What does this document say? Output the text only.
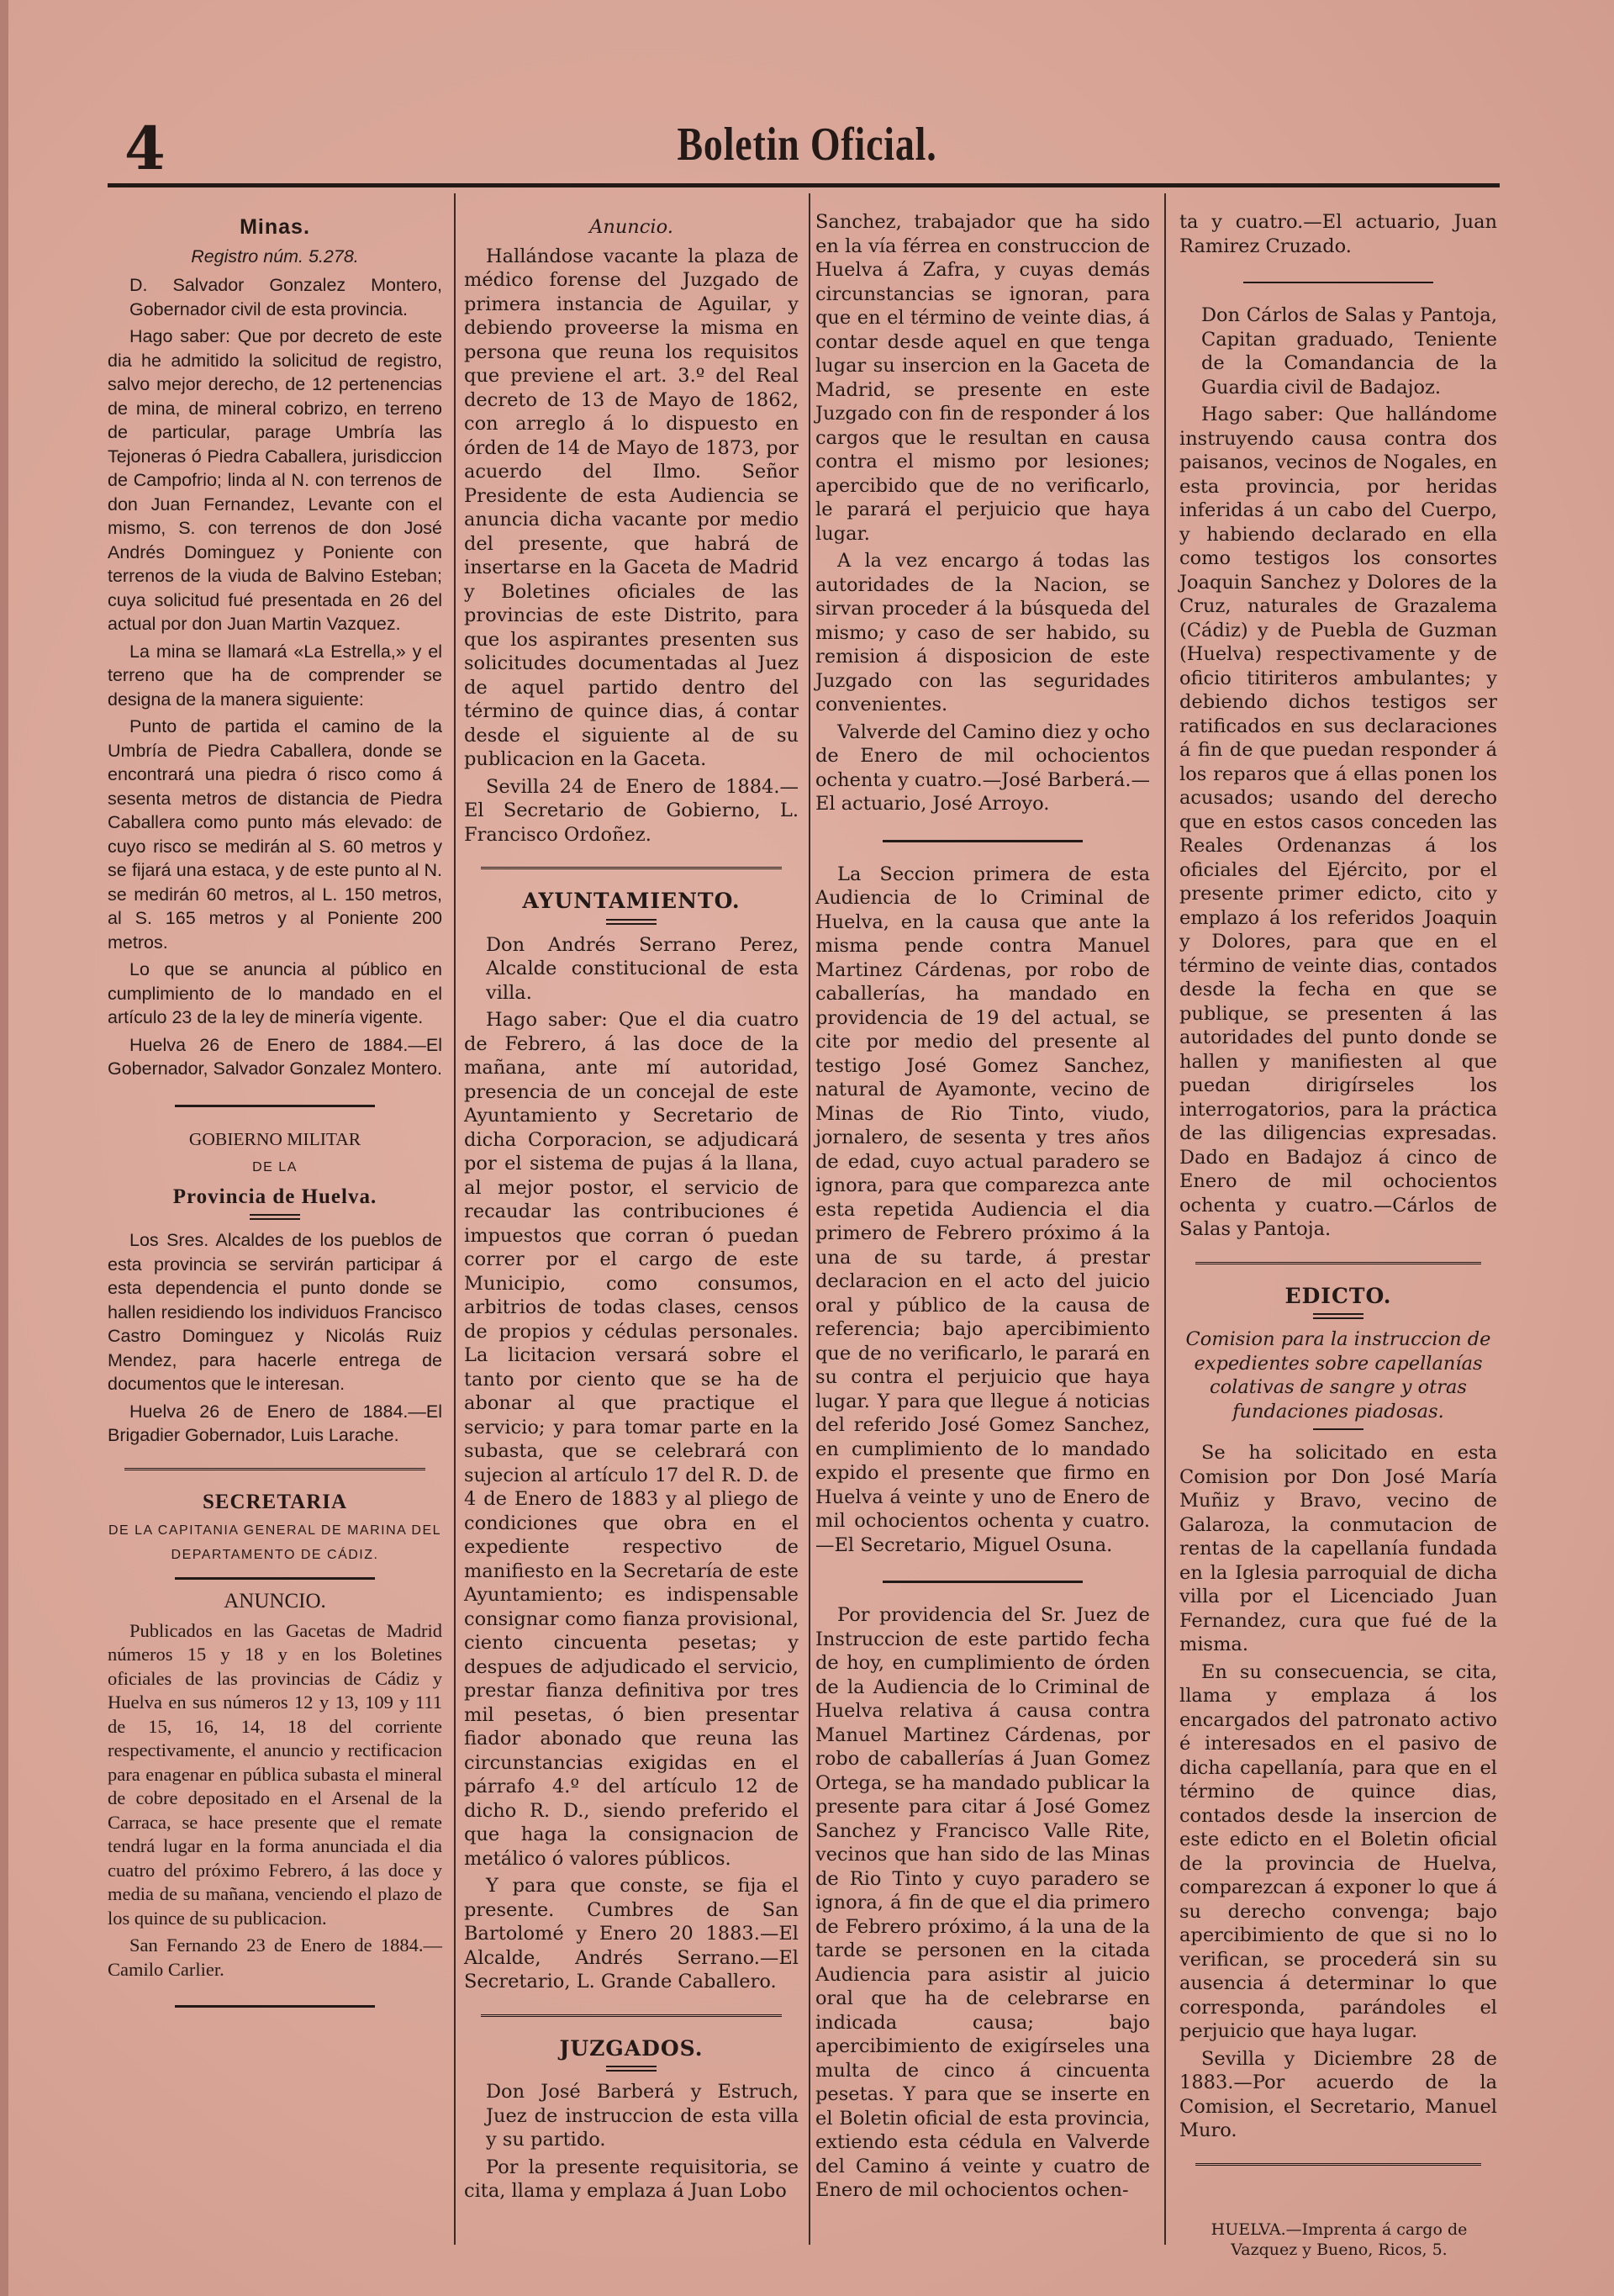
4	Boletin Oficial.

Minas.

Registro núm. 5.278.

D. Salvador Gonzalez Montero, Gobernador civil de esta provincia.

Hago saber: Que por decreto de este dia he admitido la solicitud de registro, salvo mejor derecho, de 12 pertenencias de mina, de mineral cobrizo, en terreno de particular, parage Umbría las Tejoneras ó Piedra Caballera, jurisdiccion de Campofrio; linda al N. con terrenos de don Juan Fernandez, Levante con el mismo, S. con terrenos de don José Andrés Dominguez y Poniente con terrenos de la viuda de Balvino Esteban; cuya solicitud fué presentada en 26 del actual por don Juan Martin Vazquez.

La mina se llamará «La Estrella,» y el terreno que ha de comprender se designa de la manera siguiente:

Punto de partida el camino de la Umbría de Piedra Caballera, donde se encontrará una piedra ó risco como á sesenta metros de distancia de Piedra Caballera como punto más elevado: de cuyo risco se medirán al S. 60 metros y se fijará una estaca, y de este punto al N. se medirán 60 metros, al L. 150 metros, al S. 165 metros y al Poniente 200 metros.

Lo que se anuncia al público en cumplimiento de lo mandado en el artículo 23 de la ley de minería vigente.

Huelva 26 de Enero de 1884.—El Gobernador, Salvador Gonzalez Montero.

GOBIERNO MILITAR

DE LA

Provincia de Huelva.

Los Sres. Alcaldes de los pueblos de esta provincia se servirán participar á esta dependencia el punto donde se hallen residiendo los individuos Francisco Castro Dominguez y Nicolás Ruiz Mendez, para hacerle entrega de documentos que le interesan.

Huelva 26 de Enero de 1884.—El Brigadier Gobernador, Luis Larache.

SECRETARIA

DE LA CAPITANIA GENERAL DE MARINA DEL DEPARTAMENTO DE CÁDIZ.

ANUNCIO.

Publicados en las Gacetas de Madrid números 15 y 18 y en los Boletines oficiales de las provincias de Cádiz y Huelva en sus números 12 y 13, 109 y 111 de 15, 16, 14, 18 del corriente respectivamente, el anuncio y rectificacion para enagenar en pública subasta el mineral de cobre depositado en el Arsenal de la Carraca, se hace presente que el remate tendrá lugar en la forma anunciada el dia cuatro del próximo Febrero, á las doce y media de su mañana, venciendo el plazo de los quince de su publicacion.

San Fernando 23 de Enero de 1884.—Camilo Carlier.

Anuncio.

Hallándose vacante la plaza de médico forense del Juzgado de primera instancia de Aguilar, y debiendo proveerse la misma en persona que reuna los requisitos que previene el art. 3.º del Real decreto de 13 de Mayo de 1862, con arreglo á lo dispuesto en órden de 14 de Mayo de 1873, por acuerdo del Ilmo. Señor Presidente de esta Audiencia se anuncia dicha vacante por medio del presente, que habrá de insertarse en la Gaceta de Madrid y Boletines oficiales de las provincias de este Distrito, para que los aspirantes presenten sus solicitudes documentadas al Juez de aquel partido dentro del término de quince dias, á contar desde el siguiente al de su publicacion en la Gaceta.

Sevilla 24 de Enero de 1884.—El Secretario de Gobierno, L. Francisco Ordoñez.

AYUNTAMIENTO.

Don Andrés Serrano Perez, Alcalde constitucional de esta villa.

Hago saber: Que el dia cuatro de Febrero, á las doce de la mañana, ante mí autoridad, presencia de un concejal de este Ayuntamiento y Secretario de dicha Corporacion, se adjudicará por el sistema de pujas á la llana, al mejor postor, el servicio de recaudar las contribuciones é impuestos que corran ó puedan correr por el cargo de este Municipio, como consumos, arbitrios de todas clases, censos de propios y cédulas personales. La licitacion versará sobre el tanto por ciento que se ha de abonar al que practique el servicio; y para tomar parte en la subasta, que se celebrará con sujecion al artículo 17 del R. D. de 4 de Enero de 1883 y al pliego de condiciones que obra en el expediente respectivo de manifiesto en la Secretaría de este Ayuntamiento; es indispensable consignar como fianza provisional, ciento cincuenta pesetas; y despues de adjudicado el servicio, prestar fianza definitiva por tres mil pesetas, ó bien presentar fiador abonado que reuna las circunstancias exigidas en el párrafo 4.º del artículo 12 de dicho R. D., siendo preferido el que haga la consignacion de metálico ó valores públicos.

Y para que conste, se fija el presente. Cumbres de San Bartolomé y Enero 20 1883.—El Alcalde, Andrés Serrano.—El Secretario, L. Grande Caballero.

JUZGADOS.

Don José Barberá y Estruch, Juez de instruccion de esta villa y su partido.

Por la presente requisitoria, se cita, llama y emplaza á Juan Lobo

Sanchez, trabajador que ha sido en la vía férrea en construccion de Huelva á Zafra, y cuyas demás circunstancias se ignoran, para que en el término de veinte dias, á contar desde aquel en que tenga lugar su insercion en la Gaceta de Madrid, se presente en este Juzgado con fin de responder á los cargos que le resultan en causa contra el mismo por lesiones; apercibido que de no verificarlo, le parará el perjuicio que haya lugar.

A la vez encargo á todas las autoridades de la Nacion, se sirvan proceder á la búsqueda del mismo; y caso de ser habido, su remision á disposicion de este Juzgado con las seguridades convenientes.

Valverde del Camino diez y ocho de Enero de mil ochocientos ochenta y cuatro.—José Barberá.—El actuario, José Arroyo.

La Seccion primera de esta Audiencia de lo Criminal de Huelva, en la causa que ante la misma pende contra Manuel Martinez Cárdenas, por robo de caballerías, ha mandado en providencia de 19 del actual, se cite por medio del presente al testigo José Gomez Sanchez, natural de Ayamonte, vecino de Minas de Rio Tinto, viudo, jornalero, de sesenta y tres años de edad, cuyo actual paradero se ignora, para que comparezca ante esta repetida Audiencia el dia primero de Febrero próximo á la una de su tarde, á prestar declaracion en el acto del juicio oral y público de la causa de referencia; bajo apercibimiento que de no verificarlo, le parará en su contra el perjuicio que haya lugar. Y para que llegue á noticias del referido José Gomez Sanchez, en cumplimiento de lo mandado expido el presente que firmo en Huelva á veinte y uno de Enero de mil ochocientos ochenta y cuatro.—El Secretario, Miguel Osuna.

Por providencia del Sr. Juez de Instruccion de este partido fecha de hoy, en cumplimiento de órden de la Audiencia de lo Criminal de Huelva relativa á causa contra Manuel Martinez Cárdenas, por robo de caballerías á Juan Gomez Ortega, se ha mandado publicar la presente para citar á José Gomez Sanchez y Francisco Valle Rite, vecinos que han sido de las Minas de Rio Tinto y cuyo paradero se ignora, á fin de que el dia primero de Febrero próximo, á la una de la tarde se personen en la citada Audiencia para asistir al juicio oral que ha de celebrarse en indicada causa; bajo apercibimiento de exigírseles una multa de cinco á cincuenta pesetas. Y para que se inserte en el Boletin oficial de esta provincia, extiendo esta cédula en Valverde del Camino á veinte y cuatro de Enero de mil ochocientos ochen-

ta y cuatro.—El actuario, Juan Ramirez Cruzado.

Don Cárlos de Salas y Pantoja, Capitan graduado, Teniente de la Comandancia de la Guardia civil de Badajoz.

Hago saber: Que hallándome instruyendo causa contra dos paisanos, vecinos de Nogales, en esta provincia, por heridas inferidas á un cabo del Cuerpo, y habiendo declarado en ella como testigos los consortes Joaquin Sanchez y Dolores de la Cruz, naturales de Grazalema (Cádiz) y de Puebla de Guzman (Huelva) respectivamente y de oficio titiriteros ambulantes; y debiendo dichos testigos ser ratificados en sus declaraciones á fin de que puedan responder á los reparos que á ellas ponen los acusados; usando del derecho que en estos casos conceden las Reales Ordenanzas á los oficiales del Ejército, por el presente primer edicto, cito y emplazo á los referidos Joaquin y Dolores, para que en el término de veinte dias, contados desde la fecha en que se publique, se presenten á las autoridades del punto donde se hallen y manifiesten al que puedan dirigírseles los interrogatorios, para la práctica de las diligencias expresadas. Dado en Badajoz á cinco de Enero de mil ochocientos ochenta y cuatro.—Cárlos de Salas y Pantoja.

EDICTO.

Comision para la instruccion de expedientes sobre capellanías colativas de sangre y otras fundaciones piadosas.

Se ha solicitado en esta Comision por Don José María Muñiz y Bravo, vecino de Galaroza, la conmutacion de rentas de la capellanía fundada en la Iglesia parroquial de dicha villa por el Licenciado Juan Fernandez, cura que fué de la misma.

En su consecuencia, se cita, llama y emplaza á los encargados del patronato activo é interesados en el pasivo de dicha capellanía, para que en el término de quince dias, contados desde la insercion de este edicto en el Boletin oficial de la provincia de Huelva, comparezcan á exponer lo que á su derecho convenga; bajo apercibimiento de que si no lo verifican, se procederá sin su ausencia á determinar lo que corresponda, parándoles el perjuicio que haya lugar.

Sevilla y Diciembre 28 de 1883.—Por acuerdo de la Comision, el Secretario, Manuel Muro.

HUELVA.—Imprenta á cargo de Vazquez y Bueno, Ricos, 5.
